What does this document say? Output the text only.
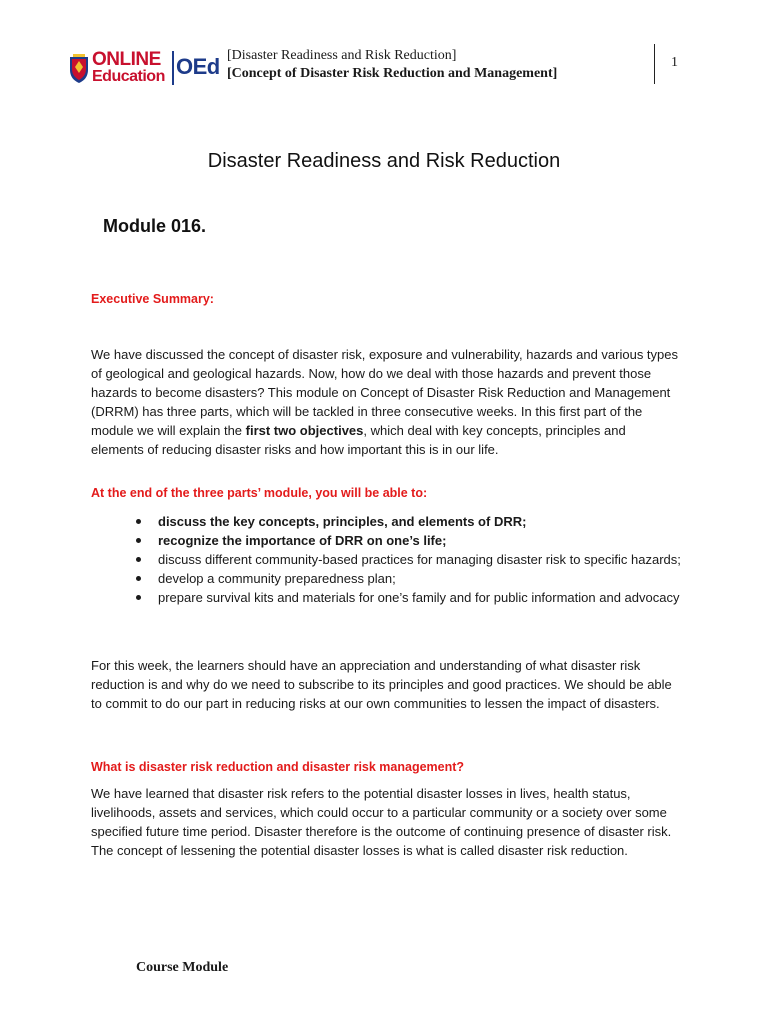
ONLINE
Education OEd [Disaster Readiness and Risk Reduction]
[Concept of Disaster Risk Reduction and Management]
1
Disaster Readiness and Risk Reduction
Module 016.
Executive Summary:

We have discussed the concept of disaster risk, exposure and vulnerability, hazards and various types of geological and geological hazards. Now, how do we deal with those hazards and prevent those hazards to become disasters? This module on Concept of Disaster Risk Reduction and Management (DRRM) has three parts, which will be tackled in three consecutive weeks. In this first part of the module we will explain the first two objectives, which deal with key concepts, principles and elements of reducing disaster risks and how important this is in our life.

At the end of the three parts’ module, you will be able to:
discuss the key concepts, principles, and elements of DRR;
recognize the importance of DRR on one’s life;
discuss different community-based practices for managing disaster risk to specific hazards;
develop a community preparedness plan;
prepare survival kits and materials for one’s family and for public information and advocacy

For this week, the learners should have an appreciation and understanding of what disaster risk reduction is and why do we need to subscribe to its principles and good practices. We should be able to commit to do our part in reducing risks at our own communities to lessen the impact of disasters.

What is disaster risk reduction and disaster risk management?

We have learned that disaster risk refers to the potential disaster losses in lives, health status, livelihoods, assets and services, which could occur to a particular community or a society over some specified future time period. Disaster therefore is the outcome of continuing presence of disaster risk. The concept of lessening the potential disaster losses is what is called disaster risk reduction.

Course Module
